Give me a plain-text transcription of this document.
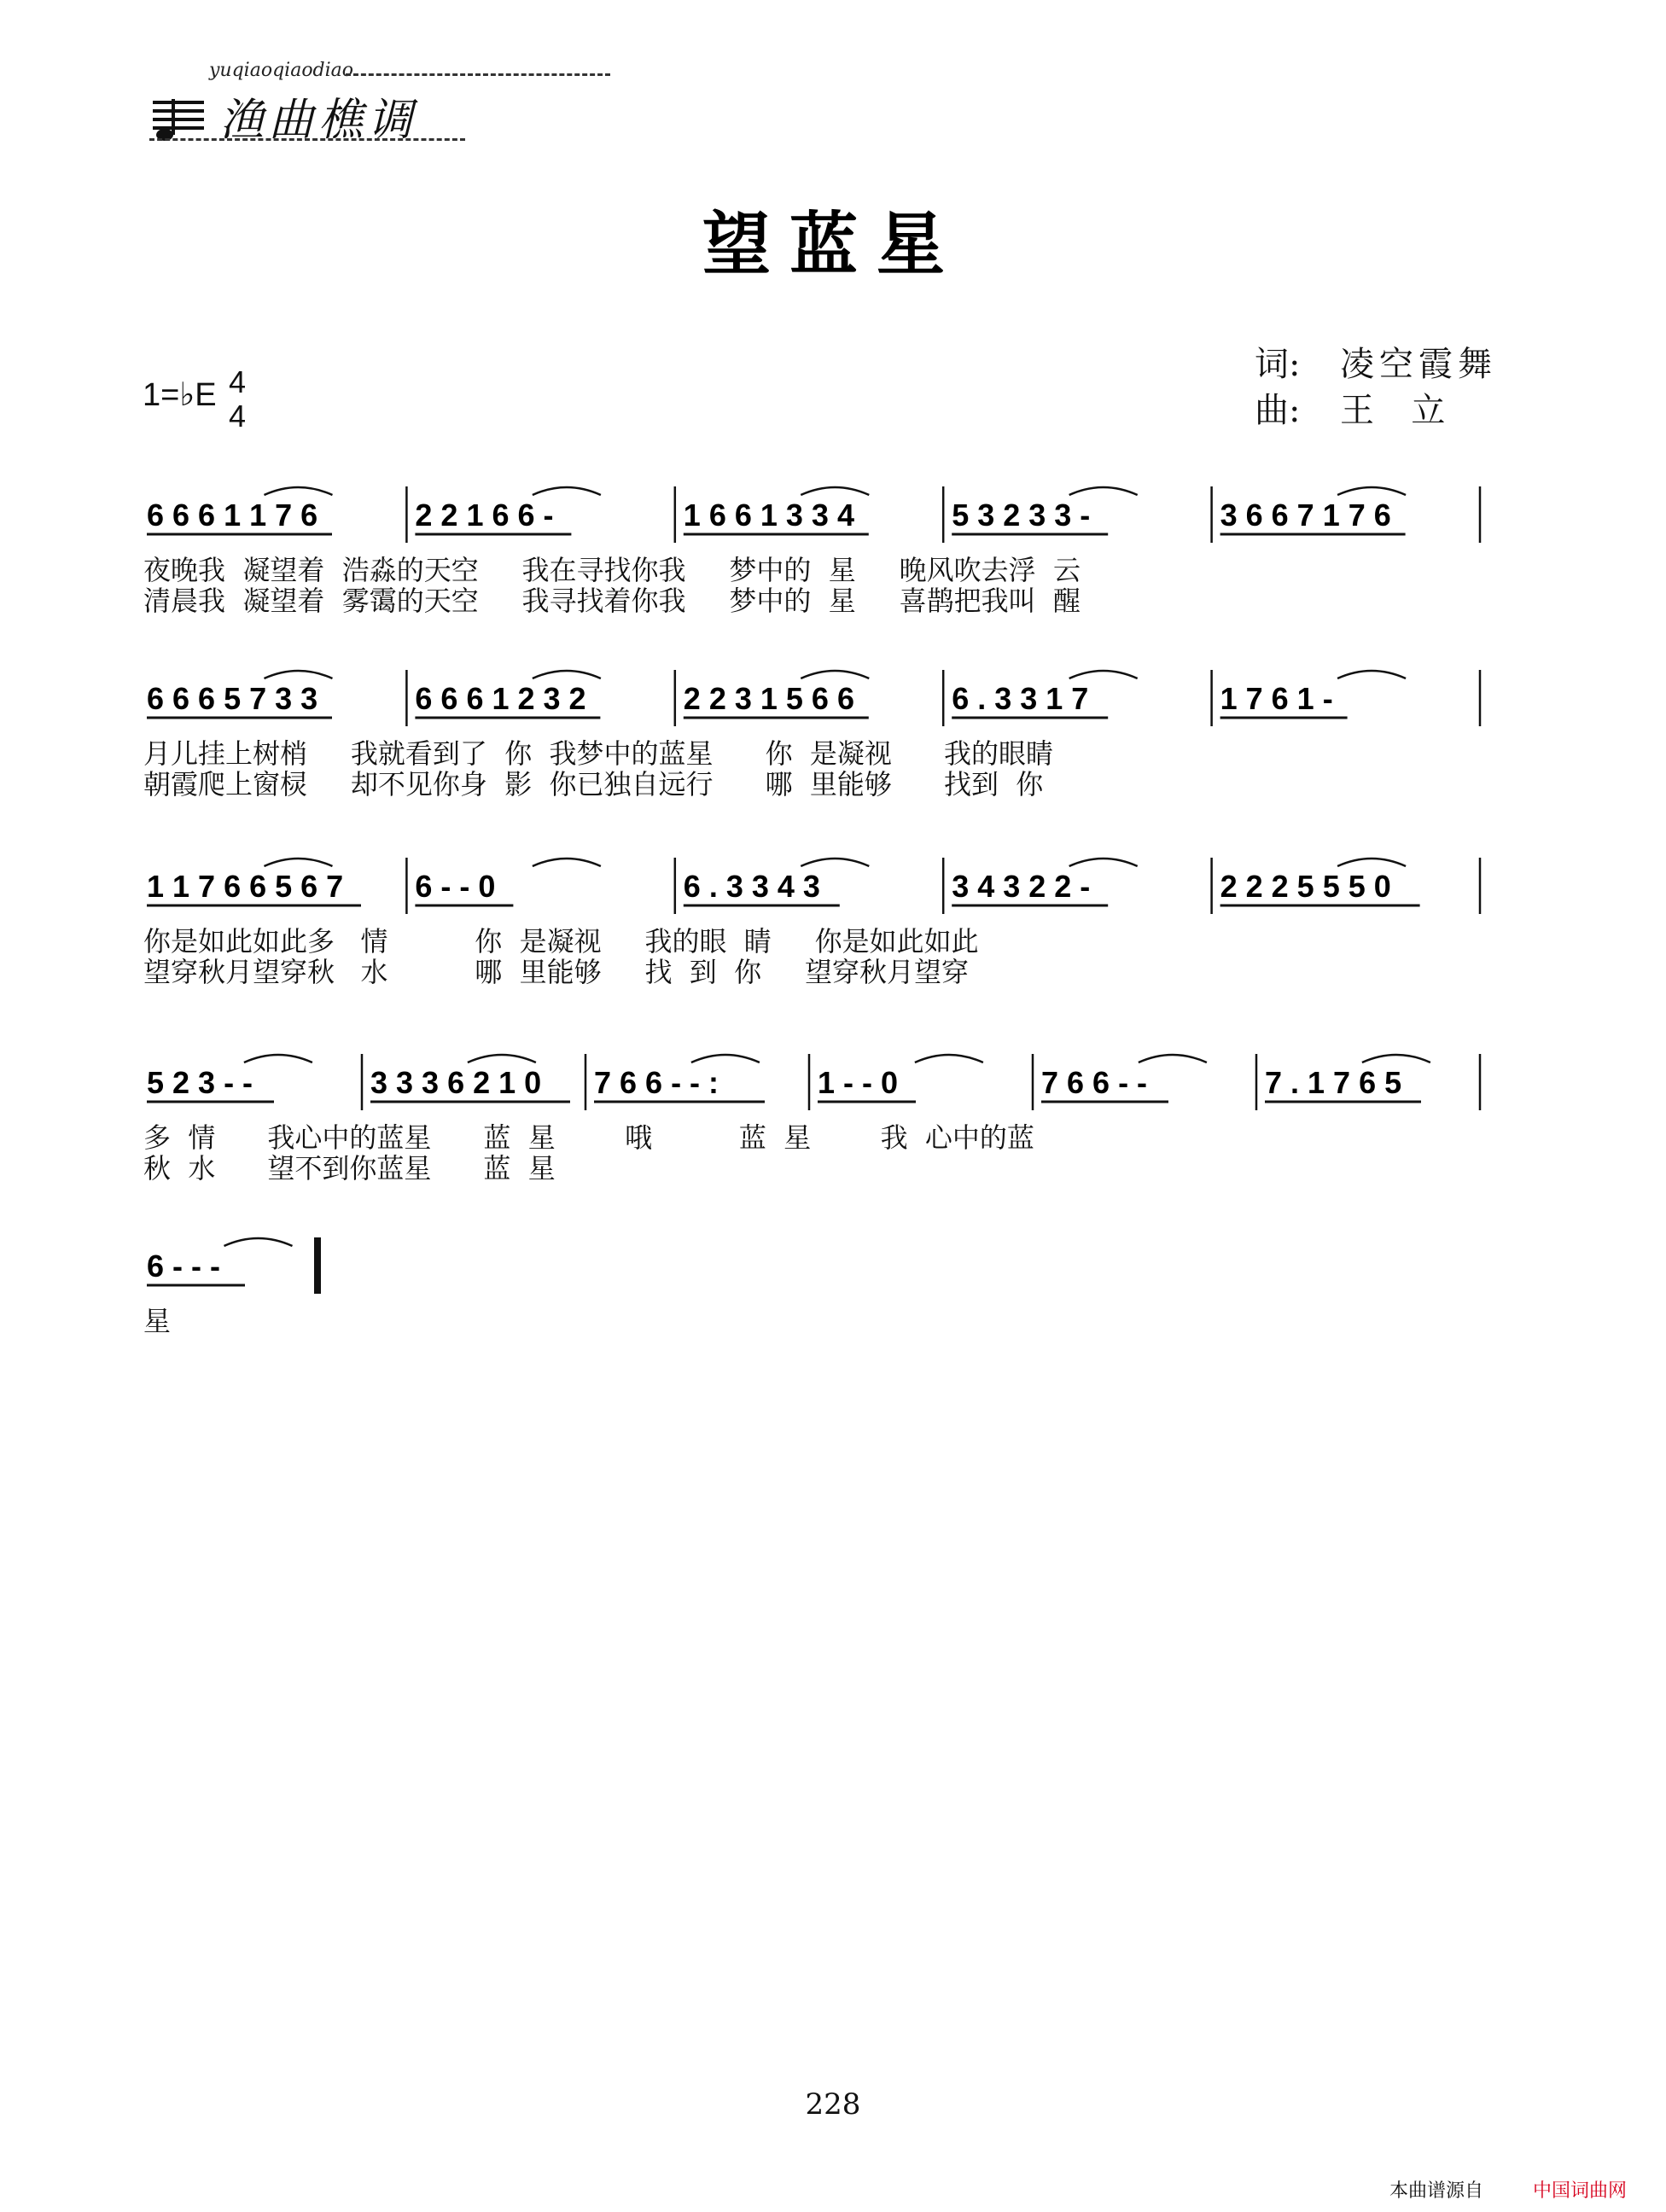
yuqiaoqiaodiao
渔曲樵调
望蓝星
词:	凌空霞舞
曲:	王  立
1=♭E 4
4
6 6 6 1 1 7 6	2 2 1 6 6 -	1 6 6 1 3 3 4	5 3 2 3 3 -	3 6 6 7 1 7 6
夜晚我  凝望着  浩淼的天空     我在寻找你我     梦中的  星     晚风吹去浮  云
清晨我  凝望着  雾霭的天空     我寻找着你我     梦中的  星     喜鹊把我叫  醒
6 6 6 5 7 3 3	6 6 6 1 2 3 2	2 2 3 1 5 6 6	6 . 3 3 1 7	1 7 6 1 -
月儿挂上树梢     我就看到了  你  我梦中的蓝星      你  是凝视      我的眼睛
朝霞爬上窗棂     却不见你身  影  你已独自远行      哪  里能够      找到  你
1 1 7 6 6 5 6 7 6 - - 0	6 . 3 3 4 3	3 4 3 2 2 -	2 2 2 5 5 5 0
你是如此如此多   情          你  是凝视     我的眼  睛     你是如此如此
望穿秋月望穿秋   水          哪  里能够     找  到  你     望穿秋月望穿
5 2 3 - -	3 3 3 6 2 1 0 7 6 6 - - :	1 - - 0	7 6 6 - -	7 . 1 7 6 5
多  情      我心中的蓝星      蓝  星        哦          蓝  星        我  心中的蓝
秋  水      望不到你蓝星      蓝  星
6 - - -
星
228
本曲谱源自	中国词曲网
